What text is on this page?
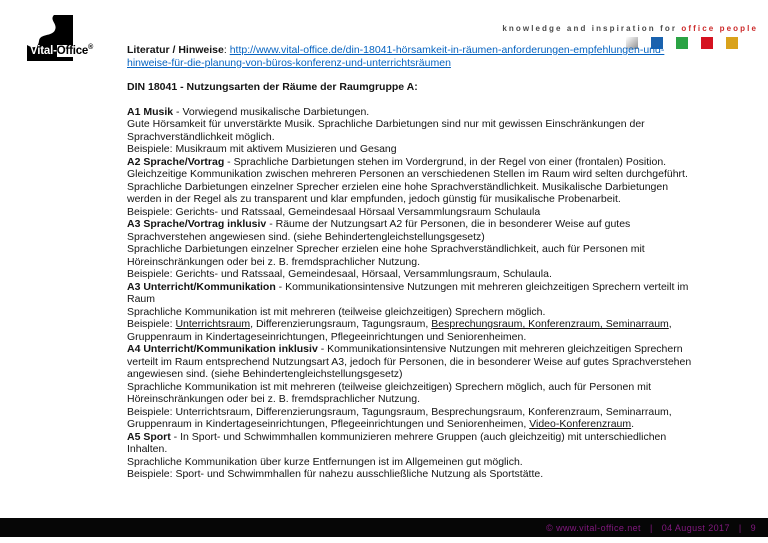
Vital-Office®
knowledge and inspiration for office people

Literatur / Hinweise: http://www.vital-office.de/din-18041-hörsamkeit-in-räumen-anforderungen-empfehlungen-und-hinweise-für-die-planung-von-büros-konferenz-und-unterrichtsräumen

DIN 18041 - Nutzungsarten der Räume der Raumgruppe A:

A1 Musik - Vorwiegend musikalische Darbietungen.

Gute Hörsamkeit für unverstärkte Musik. Sprachliche Darbietungen sind nur mit gewissen Einschränkungen der Sprachverständlichkeit möglich.

Beispiele: Musikraum mit aktivem Musizieren und Gesang

A2 Sprache/Vortrag - Sprachliche Darbietungen stehen im Vordergrund, in der Regel von einer (frontalen) Position. Gleichzeitige Kommunikation zwischen mehreren Personen an verschiedenen Stellen im Raum wird selten durchgeführt.

Sprachliche Darbietungen einzelner Sprecher erzielen eine hohe Sprachverständlichkeit. Musikalische Darbietungen werden in der Regel als zu transparent und klar empfunden, jedoch günstig für musikalische Probenarbeit.

Beispiele: Gerichts- und Ratssaal, Gemeindesaal Hörsaal Versammlungsraum Schulaula

A3 Sprache/Vortrag inklusiv - Räume der Nutzungsart A2 für Personen, die in besonderer Weise auf gutes Sprachverstehen angewiesen sind. (siehe Behindertengleichstellungsgesetz)

Sprachliche Darbietungen einzelner Sprecher erzielen eine hohe Sprachverständlichkeit, auch für Personen mit Höreinschränkungen oder bei z. B. fremdsprachlicher Nutzung.

Beispiele: Gerichts- und Ratssaal, Gemeindesaal, Hörsaal, Versammlungsraum, Schulaula.

A3 Unterricht/Kommunikation - Kommunikationsintensive Nutzungen mit mehreren gleichzeitigen Sprechern verteilt im Raum

Sprachliche Kommunikation ist mit mehreren (teilweise gleichzeitigen) Sprechern möglich.

Beispiele: Unterrichtsraum, Differenzierungsraum, Tagungsraum, Besprechungsraum, Konferenzraum, Seminarraum, Gruppenraum in Kindertageseinrichtungen, Pflegeeinrichtungen und Seniorenheimen.

A4 Unterricht/Kommunikation inklusiv - Kommunikationsintensive Nutzungen mit mehreren gleichzeitigen Sprechern verteilt im Raum entsprechend Nutzungsart A3, jedoch für Personen, die in besonderer Weise auf gutes Sprachverstehen angewiesen sind. (siehe Behindertengleichstellungsgesetz)

Sprachliche Kommunikation ist mit mehreren (teilweise gleichzeitigen) Sprechern möglich, auch für Personen mit Höreinschränkungen oder bei z. B. fremdsprachlicher Nutzung.

Beispiele: Unterrichtsraum, Differenzierungsraum, Tagungsraum, Besprechungsraum, Konferenzraum, Seminarraum, Gruppenraum in Kindertageseinrichtungen, Pflegeeinrichtungen und Seniorenheimen, Video-Konferenzraum.

A5 Sport - In Sport- und Schwimmhallen kommunizieren mehrere Gruppen (auch gleichzeitig) mit unterschiedlichen Inhalten.

Sprachliche Kommunikation über kurze Entfernungen ist im Allgemeinen gut möglich.

Beispiele: Sport- und Schwimmhallen für nahezu ausschließliche Nutzung als Sportstätte.

© www.vital-office.net | 04 August 2017 | 9
